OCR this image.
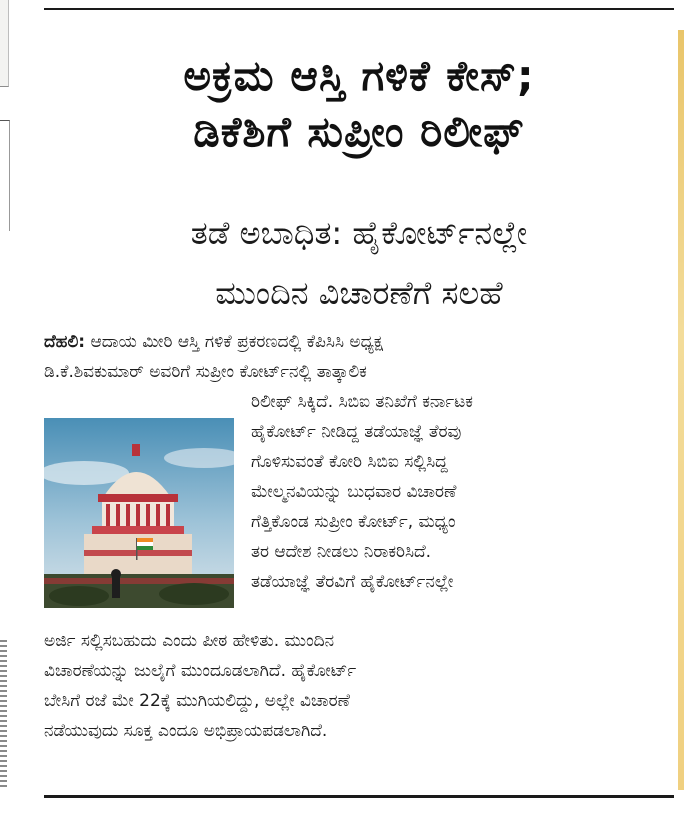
ಅಕ್ರಮ ಆಸ್ತಿ ಗಳಿಕೆ ಕೇಸ್;
ಡಿಕೆಶಿಗೆ ಸುಪ್ರೀಂ ರಿಲೀಫ್
ತಡೆ ಅಬಾಧಿತ: ಹೈಕೋರ್ಟ್‌ನಲ್ಲೇ
ಮುಂದಿನ ವಿಚಾರಣೆಗೆ ಸಲಹೆ
ದೆಹಲಿ: ಆದಾಯ ಮೀರಿ ಆಸ್ತಿ ಗಳಿಕೆ ಪ್ರಕರಣದಲ್ಲಿ ಕೆಪಿಸಿಸಿ ಅಧ್ಯಕ್ಷ
ಡಿ.ಕೆ.ಶಿವಕುಮಾರ್ ಅವರಿಗೆ ಸುಪ್ರೀಂ ಕೋರ್ಟ್‌ನಲ್ಲಿ ತಾತ್ಕಾಲಿಕ
ರಿಲೀಫ್ ಸಿಕ್ಕಿದೆ. ಸಿಬಿಐ ತನಿಖೆಗೆ ಕರ್ನಾಟಕ
ಹೈಕೋರ್ಟ್ ನೀಡಿದ್ದ ತಡೆಯಾಜ್ಞೆ ತೆರವು
ಗೊಳಿಸುವಂತೆ ಕೋರಿ ಸಿಬಿಐ ಸಲ್ಲಿಸಿದ್ದ
ಮೇಲ್ಮನವಿಯನ್ನು ಬುಧವಾರ ವಿಚಾರಣೆ
ಗೆತ್ತಿಕೊಂಡ ಸುಪ್ರೀಂ ಕೋರ್ಟ್, ಮಧ್ಯಂ
ತರ ಆದೇಶ ನೀಡಲು ನಿರಾಕರಿಸಿದೆ.
ತಡೆಯಾಜ್ಞೆ ತೆರವಿಗೆ ಹೈಕೋರ್ಟ್‌ನಲ್ಲೇ
ಅರ್ಜಿ ಸಲ್ಲಿಸಬಹುದು ಎಂದು ಪೀಠ ಹೇಳಿತು. ಮುಂದಿನ
ವಿಚಾರಣೆಯನ್ನು ಜುಲೈಗೆ ಮುಂದೂಡಲಾಗಿದೆ. ಹೈಕೋರ್ಟ್
ಬೇಸಿಗೆ ರಜೆ ಮೇ 22ಕ್ಕೆ ಮುಗಿಯಲಿದ್ದು, ಅಲ್ಲೇ ವಿಚಾರಣೆ
ನಡೆಯುವುದು ಸೂಕ್ತ ಎಂದೂ ಅಭಿಪ್ರಾಯಪಡಲಾಗಿದೆ.
